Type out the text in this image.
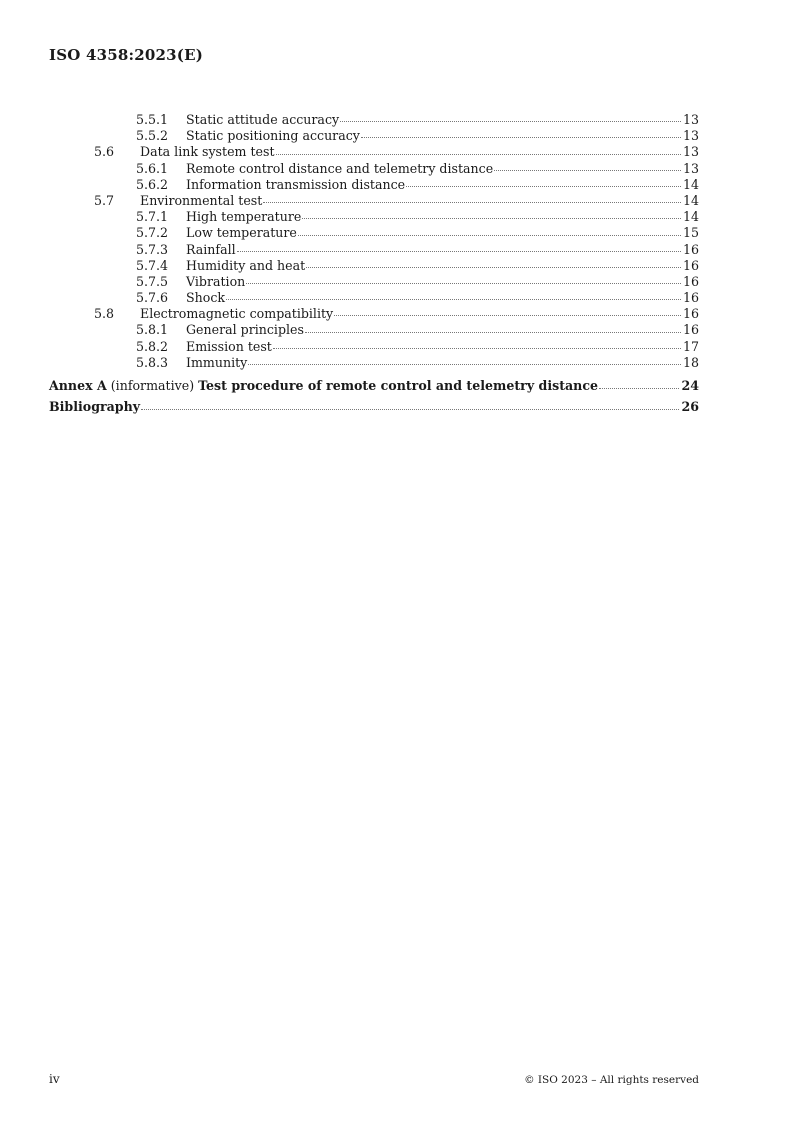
ISO 4358:2023(E)
5.5.1	Static attitude accuracy	13
5.5.2	Static positioning accuracy	13
5.6	Data link system test	13
5.6.1	Remote control distance and telemetry distance	13
5.6.2	Information transmission distance	14
5.7	Environmental test	14
5.7.1	High temperature	14
5.7.2	Low temperature	15
5.7.3	Rainfall	16
5.7.4	Humidity and heat	16
5.7.5	Vibration	16
5.7.6	Shock	16
5.8	Electromagnetic compatibility	16
5.8.1	General principles	16
5.8.2	Emission test	17
5.8.3	Immunity	18
Annex A (informative) Test procedure of remote control and telemetry distance	24
Bibliography	26
iv	© ISO 2023 – All rights reserved
